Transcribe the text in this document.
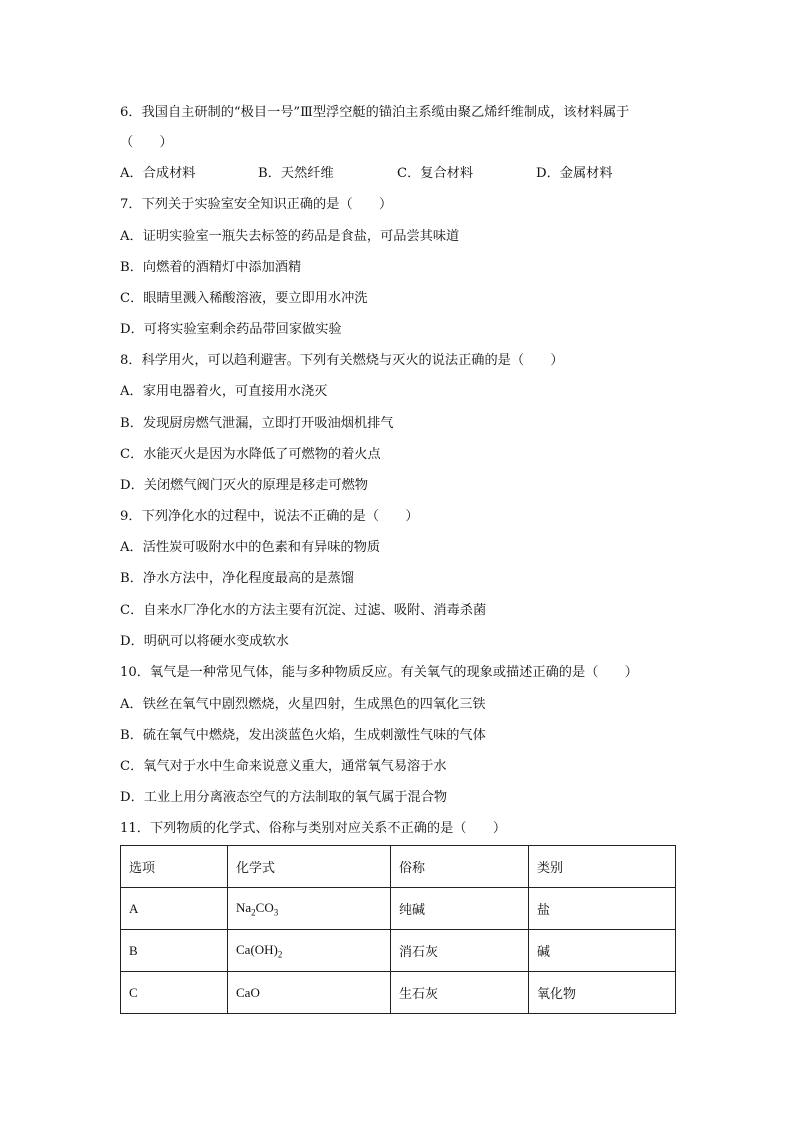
6．我国自主研制的“极目一号”Ⅲ型浮空艇的锚泊主系缆由聚乙烯纤维制成，该材料属于
（　　）
A．合成材料	B．天然纤维	C．复合材料	D．金属材料
7．下列关于实验室安全知识正确的是（　　）
A．证明实验室一瓶失去标签的药品是食盐，可品尝其味道
B．向燃着的酒精灯中添加酒精
C．眼睛里溅入稀酸溶液，要立即用水冲洗
D．可将实验室剩余药品带回家做实验
8．科学用火，可以趋利避害。下列有关燃烧与灭火的说法正确的是（　　）
A．家用电器着火，可直接用水浇灭
B．发现厨房燃气泄漏，立即打开吸油烟机排气
C．水能灭火是因为水降低了可燃物的着火点
D．关闭燃气阀门灭火的原理是移走可燃物
9．下列净化水的过程中，说法不正确的是（　　）
A．活性炭可吸附水中的色素和有异味的物质
B．净水方法中，净化程度最高的是蒸馏
C．自来水厂净化水的方法主要有沉淀、过滤、吸附、消毒杀菌
D．明矾可以将硬水变成软水
10．氧气是一种常见气体，能与多种物质反应。有关氧气的现象或描述正确的是（　　）
A．铁丝在氧气中剧烈燃烧，火星四射，生成黑色的四氧化三铁
B．硫在氧气中燃烧，发出淡蓝色火焰，生成刺激性气味的气体
C．氧气对于水中生命来说意义重大，通常氧气易溶于水
D．工业上用分离液态空气的方法制取的氧气属于混合物
11．下列物质的化学式、俗称与类别对应关系不正确的是（　　）
选项	化学式	俗称	类别
A	$Na_2CO_3$	纯碱	盐
B	$Ca(OH)_2$	消石灰	碱
C	CaO	生石灰	氧化物
